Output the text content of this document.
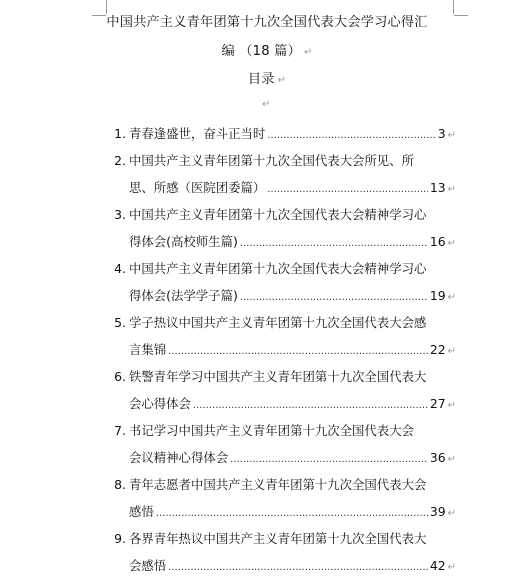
中国共产主义青年团第十九次全国代表大会学习心得汇
编 （18 篇） ↵
目录 ↵
↵
1. 青春逢盛世，奋斗正当时 .....	3 ↵
2. 中国共产主义青年团第十九次全国代表大会所见、所
思、所感（医院团委篇） .....	13 ↵
3. 中国共产主义青年团第十九次全国代表大会精神学习心
得体会(高校师生篇) .....	16 ↵
4. 中国共产主义青年团第十九次全国代表大会精神学习心
得体会(法学学子篇) .....	19 ↵
5. 学子热议中国共产主义青年团第十九次全国代表大会感
言集锦 .....	22 ↵
6. 铁警青年学习中国共产主义青年团第十九次全国代表大
会心得体会 .....	27 ↵
7. 书记学习中国共产主义青年团第十九次全国代表大会
会议精神心得体会 .....	36 ↵
8. 青年志愿者中国共产主义青年团第十九次全国代表大会
感悟 .....	39 ↵
9. 各界青年热议中国共产主义青年团第十九次全国代表大
会感悟 .....	42 ↵
